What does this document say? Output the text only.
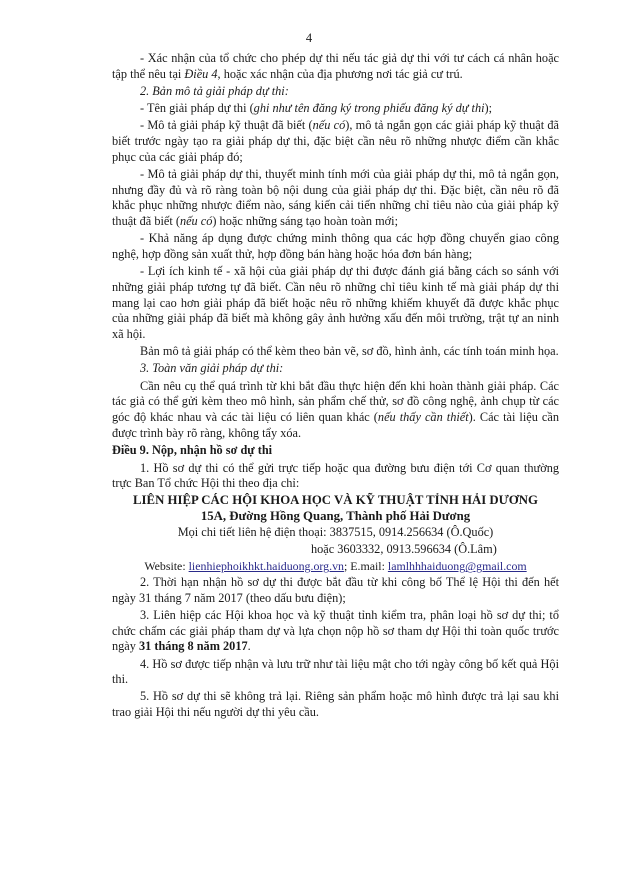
4

- Xác nhận của tổ chức cho phép dự thi nếu tác giả dự thi với tư cách cá nhân hoặc tập thể nêu tại Điều 4, hoặc xác nhận của địa phương nơi tác giả cư trú.

2. Bản mô tả giải pháp dự thi:

- Tên giải pháp dự thi (ghi như tên đăng ký trong phiếu đăng ký dự thi);

- Mô tả giải pháp kỹ thuật đã biết (nếu có), mô tả ngắn gọn các giải pháp kỹ thuật đã biết trước ngày tạo ra giải pháp dự thi, đặc biệt cần nêu rõ những nhược điểm cần khắc phục của các giải pháp đó;

- Mô tả giải pháp dự thi, thuyết minh tính mới của giải pháp dự thi, mô tả ngắn gọn, nhưng đầy đủ và rõ ràng toàn bộ nội dung của giải pháp dự thi. Đặc biệt, cần nêu rõ đã khắc phục những nhược điểm nào, sáng kiến cải tiến những chỉ tiêu nào của giải pháp kỹ thuật đã biết (nếu có) hoặc những sáng tạo hoàn toàn mới;

- Khả năng áp dụng được chứng minh thông qua các hợp đồng chuyển giao công nghệ, hợp đồng sản xuất thử, hợp đồng bán hàng hoặc hóa đơn bán hàng;

- Lợi ích kinh tế - xã hội của giải pháp dự thi được đánh giá bằng cách so sánh với những giải pháp tương tự đã biết. Cần nêu rõ những chỉ tiêu kinh tế mà giải pháp dự thi mang lại cao hơn giải pháp đã biết hoặc nêu rõ những khiếm khuyết đã được khắc phục của những giải pháp đã biết mà không gây ảnh hưởng xấu đến môi trường, trật tự an ninh xã hội.

Bản mô tả giải pháp có thể kèm theo bản vẽ, sơ đồ, hình ảnh, các tính toán minh họa.

3. Toàn văn giải pháp dự thi:

Cần nêu cụ thể quá trình từ khi bắt đầu thực hiện đến khi hoàn thành giải pháp. Các tác giả có thể gửi kèm theo mô hình, sản phẩm chế thử, sơ đồ công nghệ, ảnh chụp từ các góc độ khác nhau và các tài liệu có liên quan khác (nếu thấy cần thiết). Các tài liệu cần được trình bày rõ ràng, không tẩy xóa.

Điều 9. Nộp, nhận hồ sơ dự thi

1. Hồ sơ dự thi có thể gửi trực tiếp hoặc qua đường bưu điện tới Cơ quan thường trực Ban Tổ chức Hội thi theo địa chỉ:

LIÊN HIỆP CÁC HỘI KHOA HỌC VÀ KỸ THUẬT TỈNH HẢI DƯƠNG

15A, Đường Hồng Quang, Thành phố Hải Dương

Mọi chi tiết liên hệ điện thoại: 3837515, 0914.256634 (Ô.Quốc)

hoặc 3603332, 0913.596634 (Ô.Lâm)

Website: lienhiephoikhkt.haiduong.org.vn; E.mail: lamlhhhaiduong@gmail.com

2. Thời hạn nhận hồ sơ dự thi được bắt đầu từ khi công bố Thể lệ Hội thi đến hết ngày 31 tháng 7 năm 2017 (theo dấu bưu điện);

3. Liên hiệp các Hội khoa học và kỹ thuật tỉnh kiểm tra, phân loại hồ sơ dự thi; tổ chức chấm các giải pháp tham dự và lựa chọn nộp hồ sơ tham dự Hội thi toàn quốc trước ngày 31 tháng 8 năm 2017.

4. Hồ sơ được tiếp nhận và lưu trữ như tài liệu mật cho tới ngày công bố kết quả Hội thi.

5. Hồ sơ dự thi sẽ không trả lại. Riêng sản phẩm hoặc mô hình được trả lại sau khi trao giải Hội thi nếu người dự thi yêu cầu.
